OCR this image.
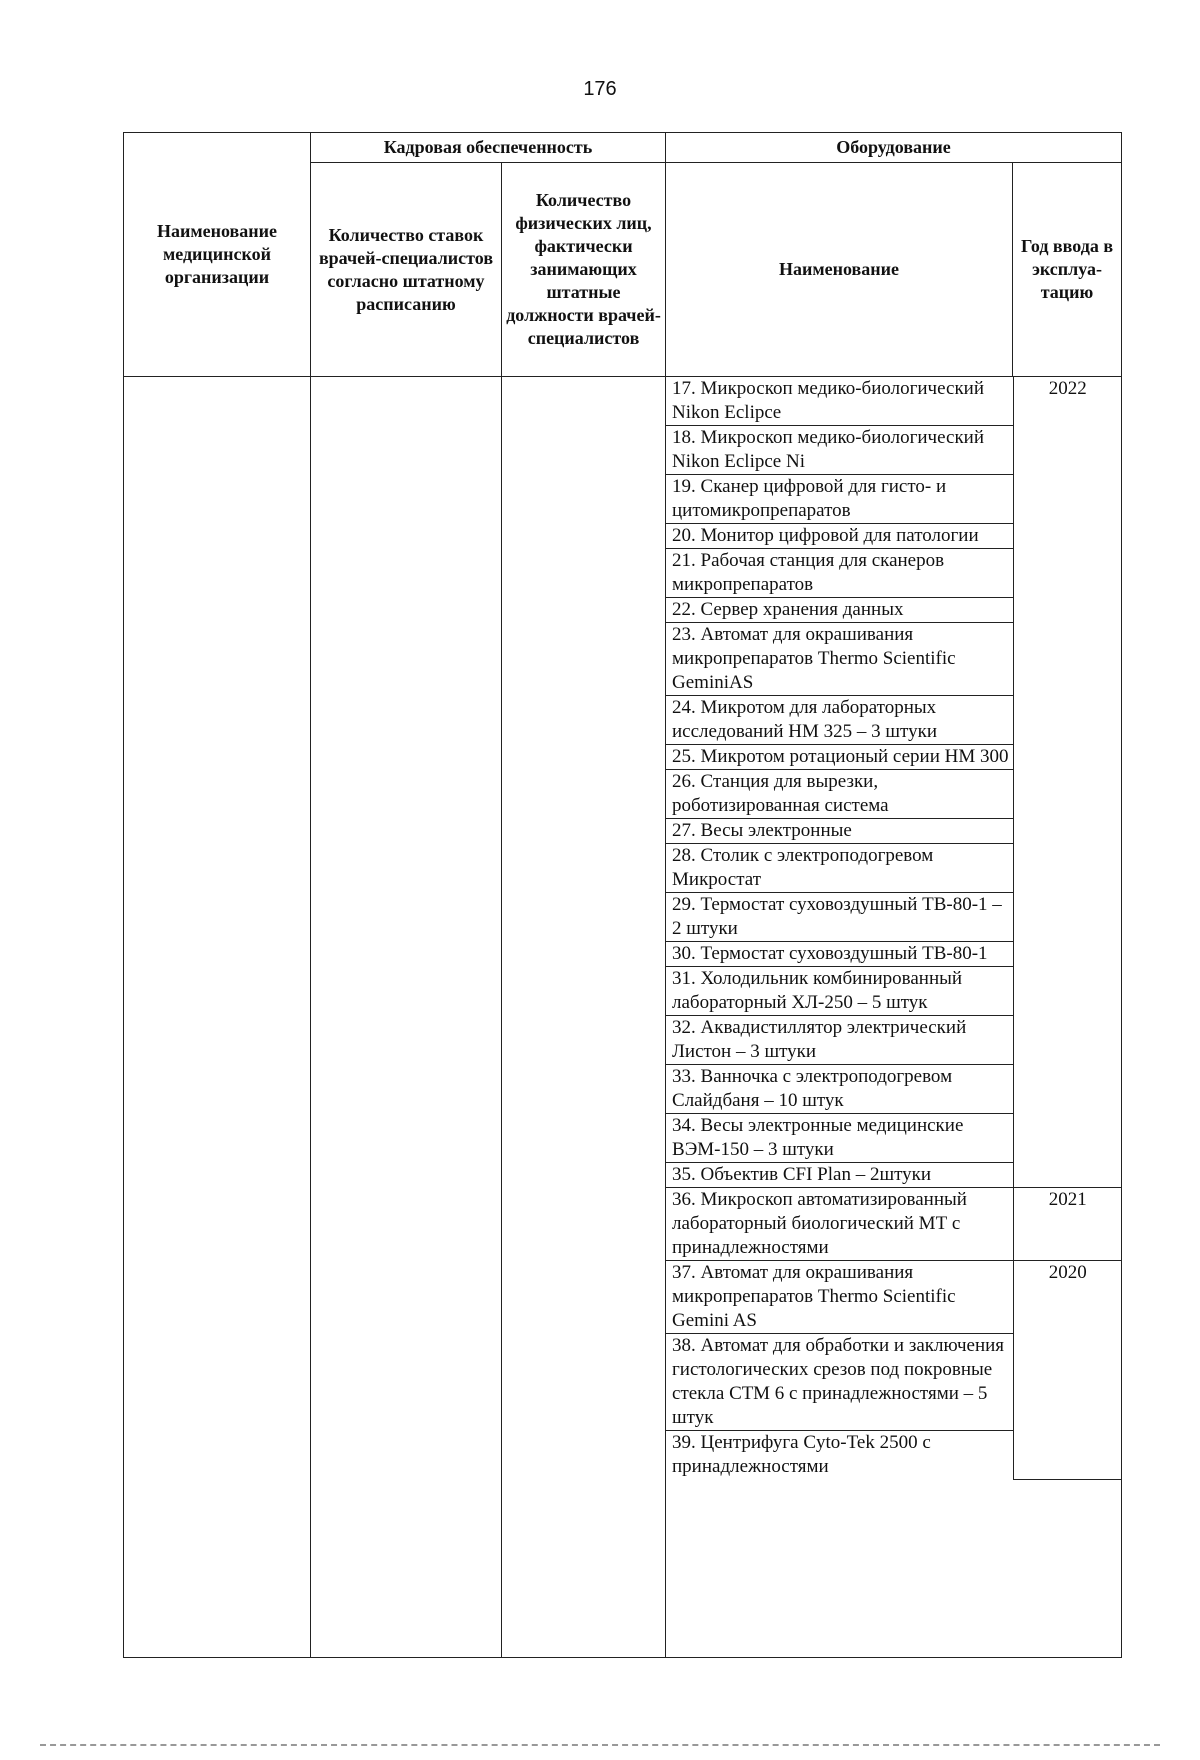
176
Наименование медицинской организации	Кадровая обеспеченность	Оборудование
Количество ставок врачей-специалистов согласно штатному расписанию	Количество физических лиц, фактически занимающих штатные должности врачей-специалистов	Наименование	Год ввода в эксплуа-тацию

17. Микроскоп медико-биологический Nikon Eclipce	2022
18. Микроскоп медико-биологический Nikon Eclipce Ni
19. Сканер цифровой для гисто- и цитомикропрепаратов
20. Монитор цифровой для патологии
21. Рабочая станция для сканеров микропрепаратов
22. Сервер хранения данных
23. Автомат для окрашивания микропрепаратов Thermo Scientific GeminiAS
24. Микротом для лабораторных исследований HM 325 – 3 штуки
25. Микротом ротационый серии HM 300
26. Станция для вырезки, роботизированная система
27. Весы электронные
28. Столик с электроподогревом Микростат
29. Термостат суховоздушный ТВ-80-1 – 2 штуки
30. Термостат суховоздушный ТВ-80-1
31. Холодильник комбинированный лабораторный ХЛ-250 – 5 штук
32. Аквадистиллятор электрический Листон – 3 штуки
33. Ванночка с электроподогревом Слайдбаня – 10 штук
34. Весы электронные медицинские ВЭМ-150 – 3 штуки
35. Объектив CFI Plan – 2штуки
36. Микроскоп автоматизированный лабораторный биологический МТ с принадлежностями	2021
37. Автомат для окрашивания микропрепаратов Thermo Scientific Gemini AS	2020
38. Автомат для обработки и заключения гистологических срезов под покровные стекла СТМ 6 с принадлежностями – 5 штук
39. Центрифуга Cyto-Tek 2500 с принадлежностями
